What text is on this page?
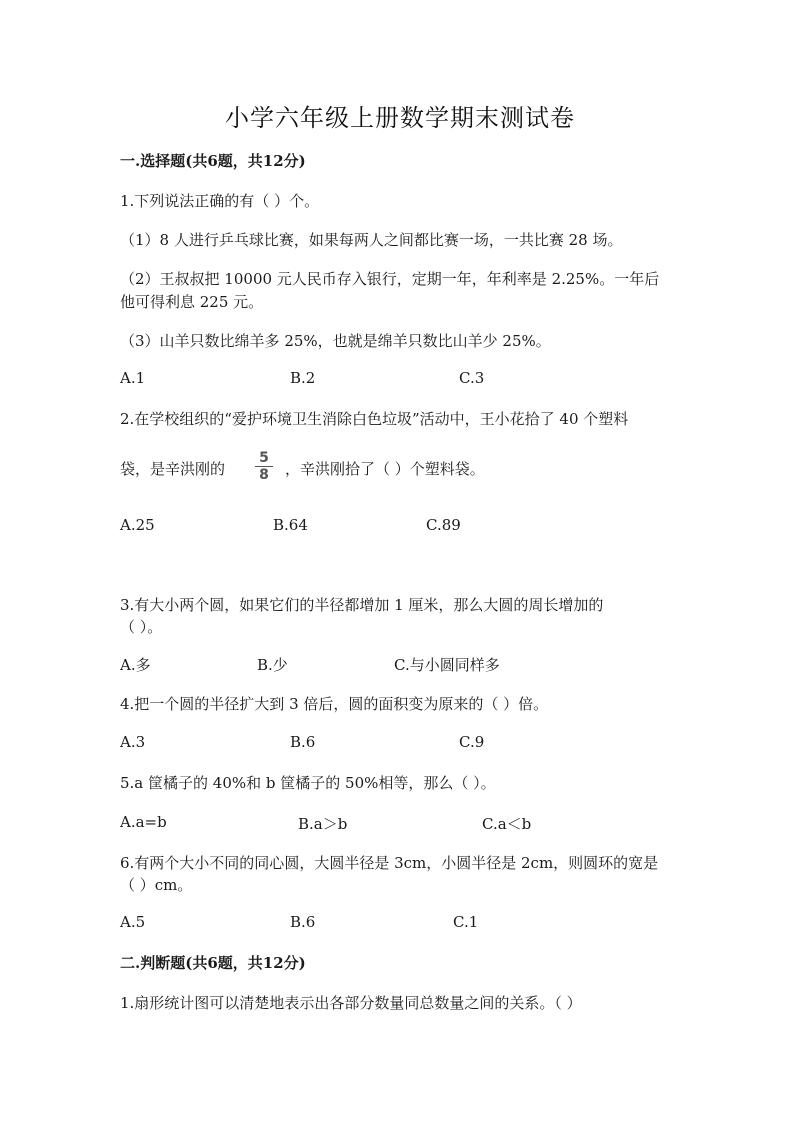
小学六年级上册数学期末测试卷
一.选择题(共6题，共12分)
1.下列说法正确的有（ ）个。
（1）8 人进行乒乓球比赛，如果每两人之间都比赛一场，一共比赛 28 场。
（2）王叔叔把 10000 元人民币存入银行，定期一年，年利率是 2.25%。一年后
他可得利息 225 元。
（3）山羊只数比绵羊多 25%，也就是绵羊只数比山羊少 25%。
A.1	B.2	C.3
2.在学校组织的“爱护环境卫生消除白色垃圾”活动中，王小花拾了 40 个塑料
袋，是辛洪刚的
5
8 ，辛洪刚拾了（ ）个塑料袋。
A.25	B.64	C.89
3.有大小两个圆，如果它们的半径都增加 1 厘米，那么大圆的周长增加的
（ ）。
A.多	B.少	C.与小圆同样多
4.把一个圆的半径扩大到 3 倍后，圆的面积变为原来的（ ）倍。
A.3	B.6	C.9
5.a 筐橘子的 40%和 b 筐橘子的 50%相等，那么（ ）。
A.a=b	B.a＞b	C.a＜b
6.有两个大小不同的同心圆，大圆半径是 3cm，小圆半径是 2cm，则圆环的宽是
（ ）cm。
A.5	B.6	C.1
二.判断题(共6题，共12分)
1.扇形统计图可以清楚地表示出各部分数量同总数量之间的关系。（ ）
